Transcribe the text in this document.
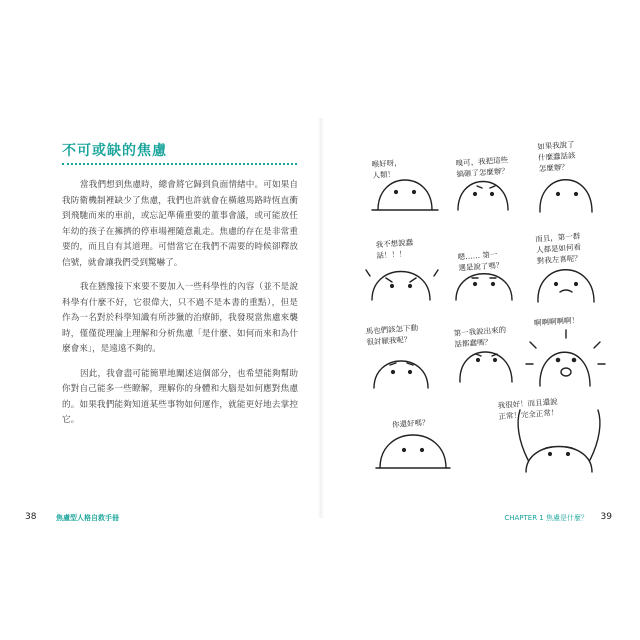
不可或缺的焦慮

當我們想到焦慮時，總會將它歸到負面情緒中。可如果自我防衛機制裡缺少了焦慮，我們也許就會在橫越馬路時恆直衝到飛馳而來的車前，或忘記準備重要的董事會議，或可能放任年幼的孩子在擁擠的停車場裡隨意亂走。焦慮的存在是非常重要的，而且自有其道理。可惜當它在我們不需要的時候卻釋放信號，就會讓我們受到驚嚇了。

我在猶豫接下來要不要加入一些科學性的內容（並不是說科學有什麼不好，它很偉大，只不過不是本書的重點），但是作為一名對於科學知識有所涉獵的治療師，我發現當焦慮來襲時，僅僅從理論上理解和分析焦慮「是什麼、如何而來和為什麼會來」，是遠遠不夠的。

因此，我會盡可能簡單地闡述這個部分，也希望能夠幫助你對自己能多一些瞭解，理解你的身體和大腦是如何應對焦慮的。如果我們能夠知道某些事物如何運作，就能更好地去掌控它。

38	焦慮型人格自救手冊
喉好呀，
人類！
嗅可，我把這些
搞砸了怎麼辦？
如果我說了
什麼蠢話該
怎麼辦？
我不想說蠢
話！！！	嗯…… 第一
選是說了嗎？
而且，第一群
人都是如何看
對我左喜呢？
馬也們該怎下動
很討厭我呢？
第一我說出來的
話都蠢嗎？
啊啊啊啊啊！
你還好嗎？
我很好！而且還說
正常！完全正常！
CHAPTER 1 焦慮是什麼？ 39
